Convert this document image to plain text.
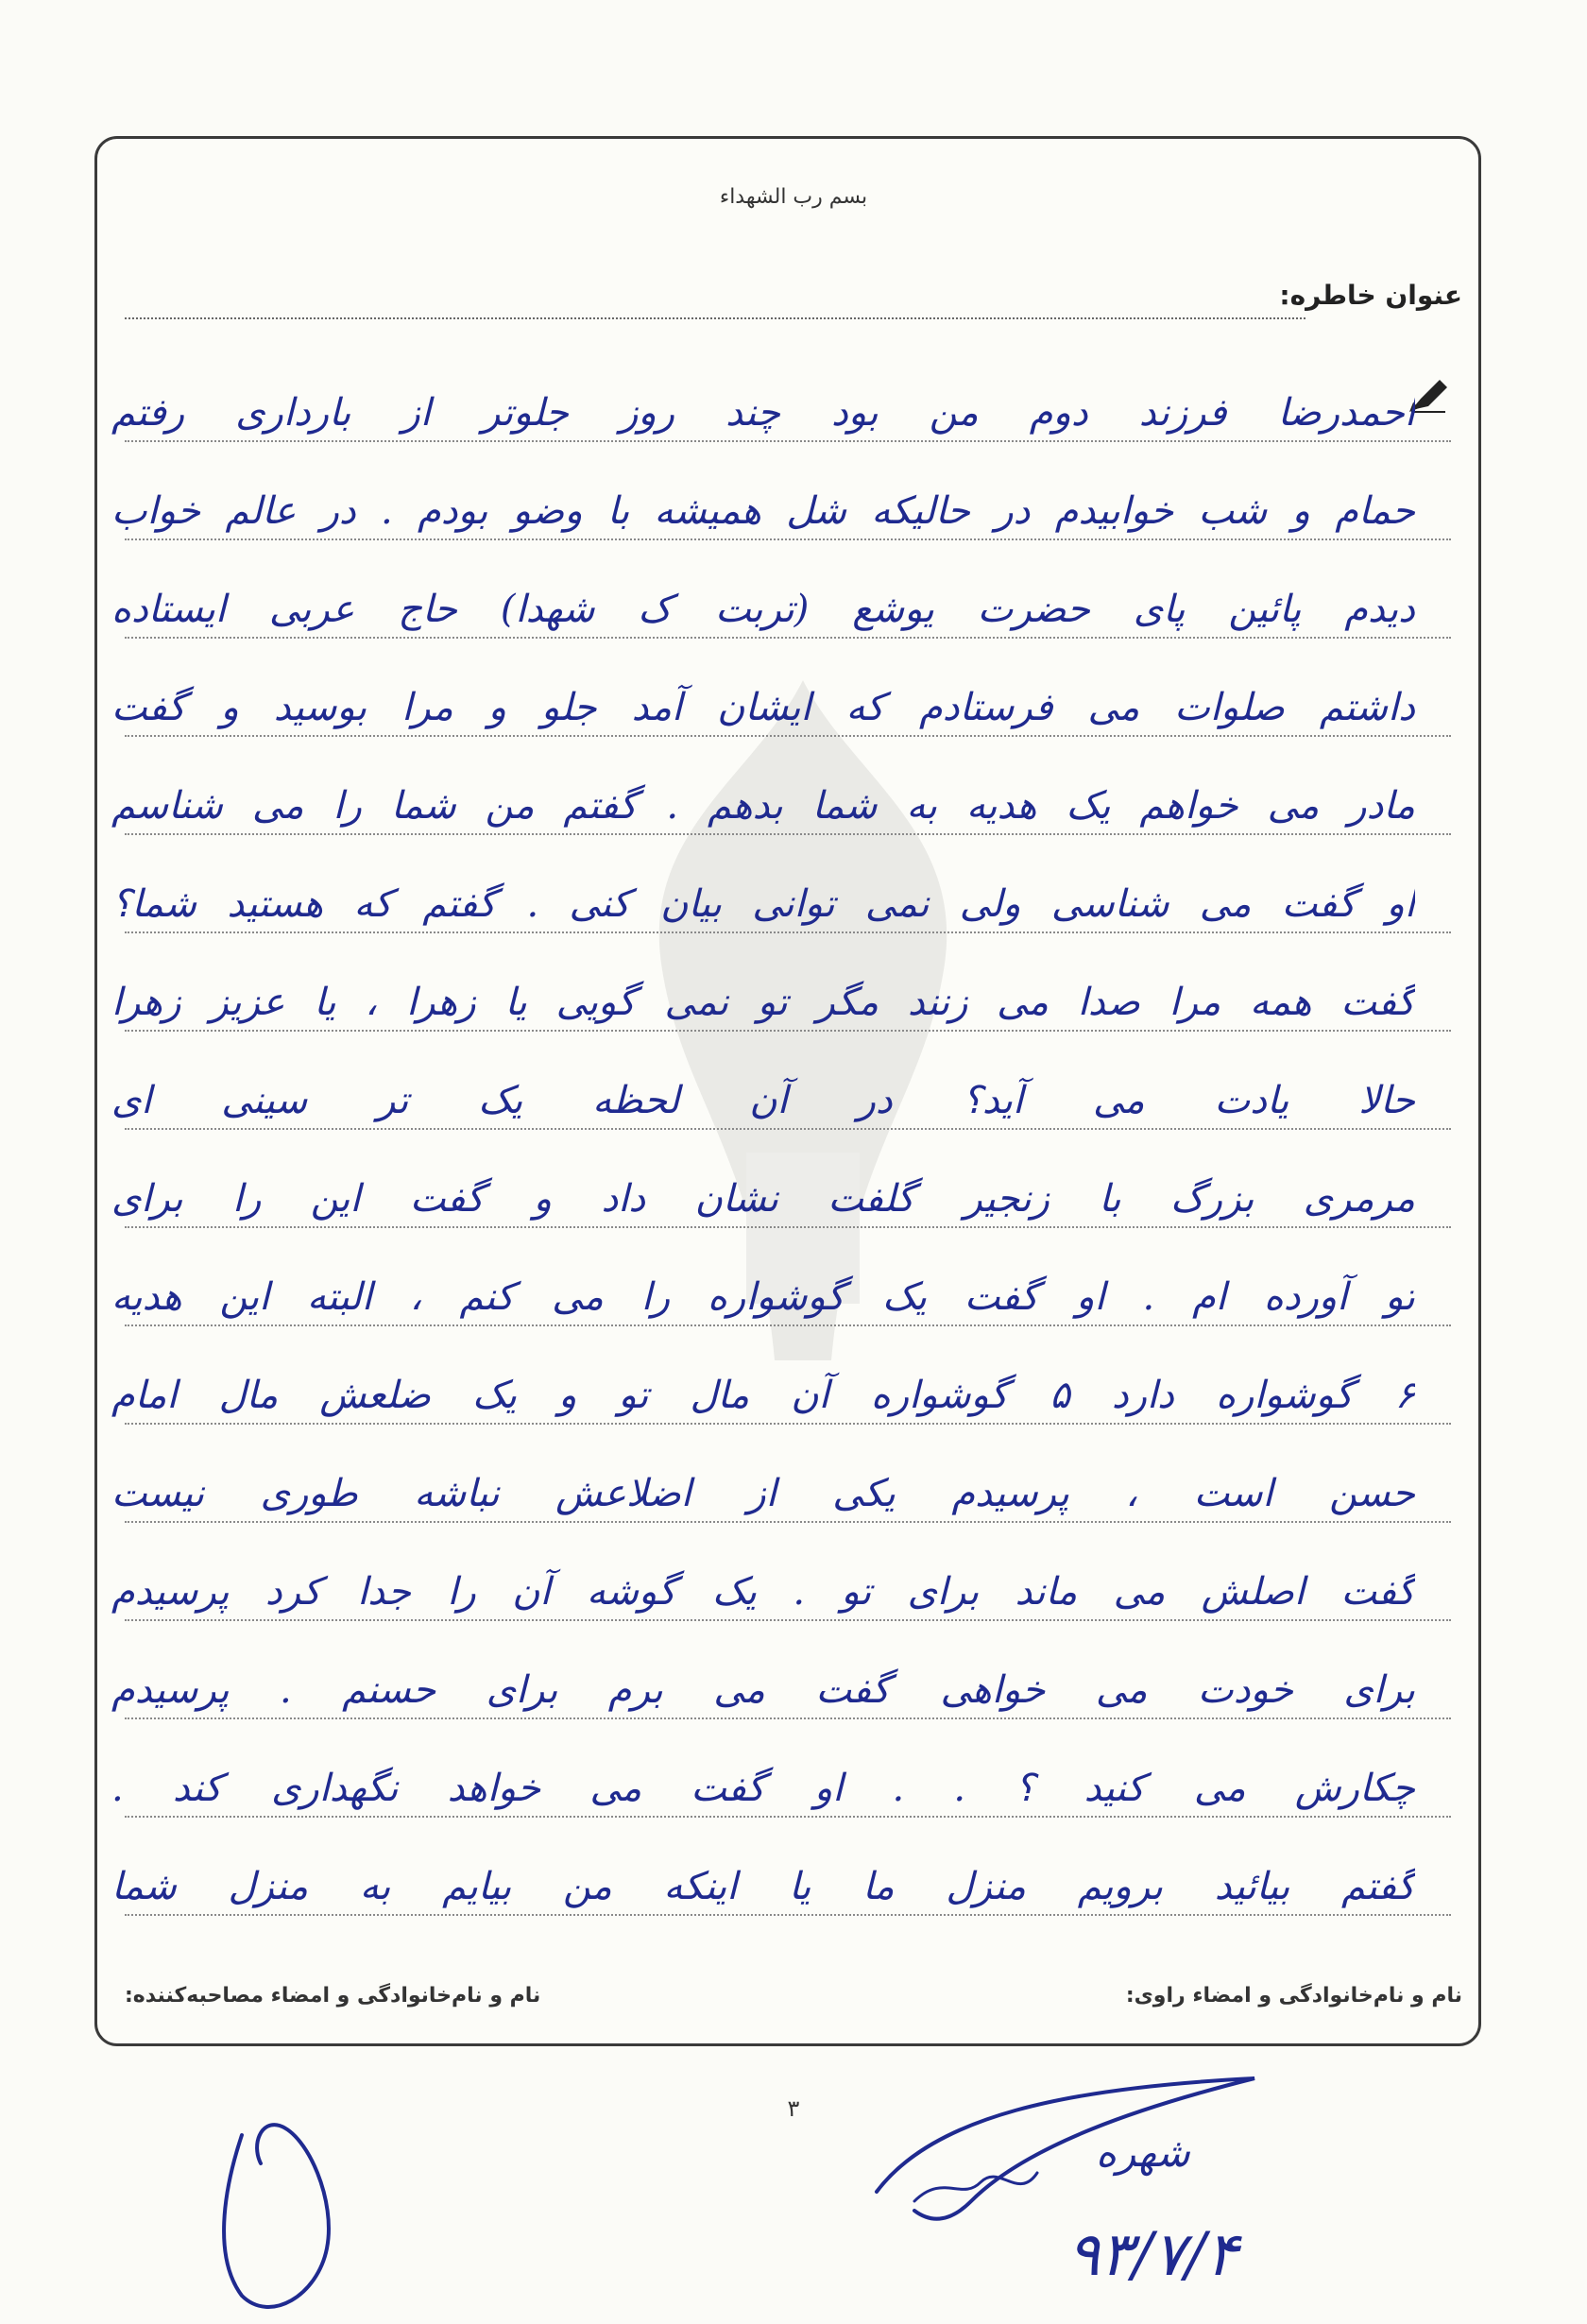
بسم رب الشهداء
عنوان خاطره:
احمدرضا فرزند دوم من بود چند روز جلوتر از بارداری رفتم
حمام و شب خوابیدم در حالیکه شل همیشه با وضو بودم . در عالم خواب
دیدم پائین پای حضرت یوشع (تربت ک شهدا) حاج عربی ایستاده
داشتم صلوات می فرستادم که ایشان آمد جلو و مرا بوسید و گفت
مادر می خواهم یک هدیه به شما بدهم . گفتم من شما را می شناسم
او گفت می شناسی ولی نمی توانی بیان کنی . گفتم که هستید شما؟
گفت همه مرا صدا می زنند مگر تو نمی گویی یا زهرا ، یا عزیز زهرا
حالا یادت می آید؟ در آن لحظه یک تر سینی ای
مرمری بزرگ با زنجیر گلفت نشان داد و گفت این را برای
تو آورده ام . او گفت یک گوشواره را می کنم ، البته این هدیه
۶ گوشواره دارد ۵ گوشواره آن مال تو و یک ضلعش مال امام
حسن است ، پرسیدم یکی از اضلاعش نباشه طوری نیست
گفت اصلش می ماند برای تو . یک گوشه آن را جدا کرد پرسیدم
برای خودت می خواهی گفت می برم برای حسنم . پرسیدم
چکارش می کنید ؟ . . او گفت می خواهد نگهداری کند .
گفتم بیائید برویم منزل ما یا اینکه من بیایم به منزل شما
نام و نام‌خانوادگی و امضاء مصاحبه‌کننده:	نام و نام‌خانوادگی و امضاء راوی:
۳
شهره
۹۳/۷/۴
